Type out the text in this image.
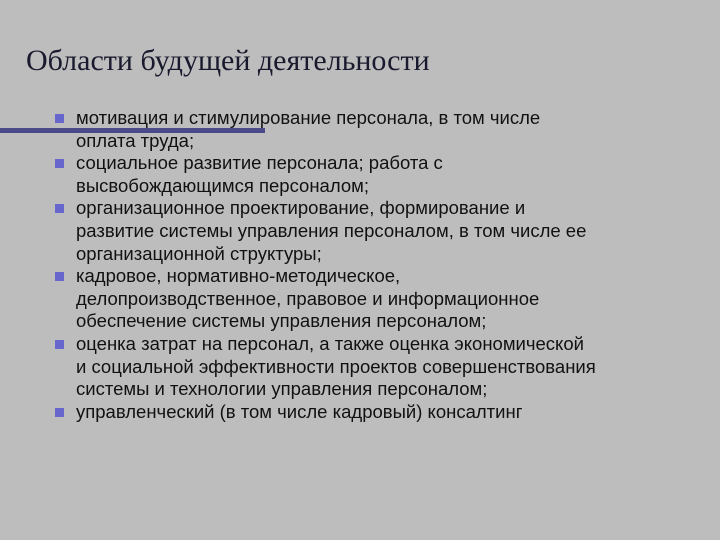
Области будущей деятельности
мотивация и стимулирование персонала, в том числе
оплата труда;
социальное развитие персонала; работа с
высвобождающимся персоналом;
организационное проектирование, формирование и
развитие системы управления персоналом, в том числе ее
организационной структуры;
кадровое, нормативно-методическое,
делопроизводственное, правовое и информационное
обеспечение системы управления персоналом;
оценка затрат на персонал, а также оценка экономической
и социальной эффективности проектов совершенствования
системы и технологии управления персоналом;
управленческий (в том числе кадровый) консалтинг
